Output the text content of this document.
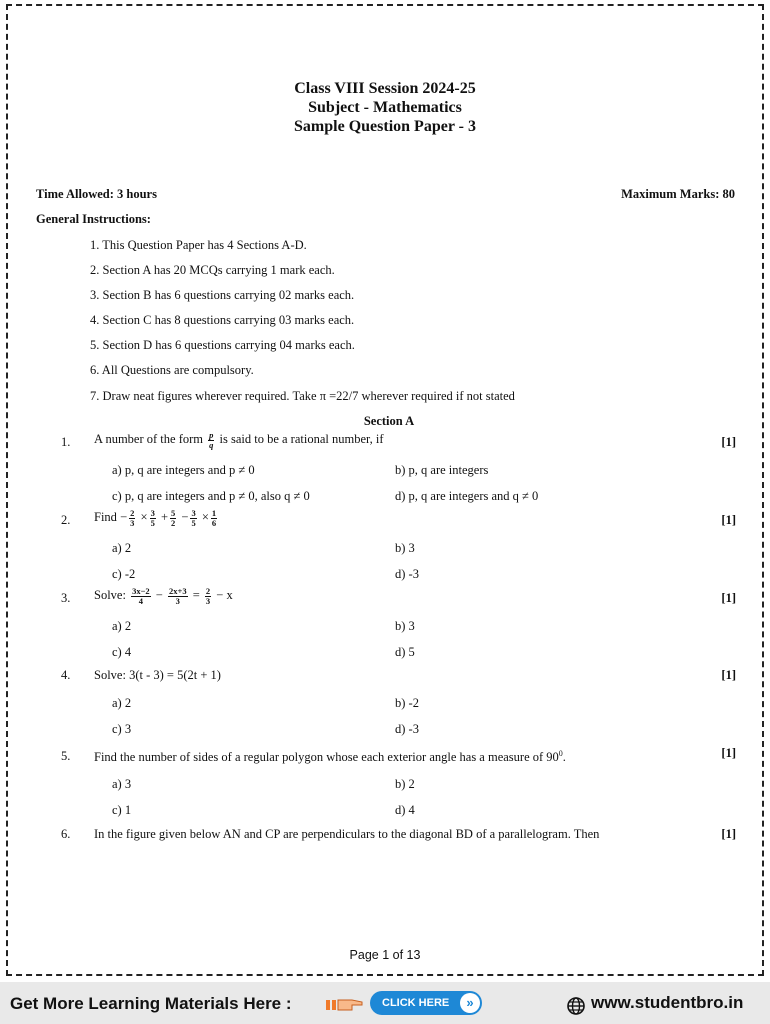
Class VIII Session 2024-25
Subject - Mathematics
Sample Question Paper - 3
Time Allowed: 3 hours	Maximum Marks: 80
General Instructions:
1. This Question Paper has 4 Sections A-D.
2. Section A has 20 MCQs carrying 1 mark each.
3. Section B has 6 questions carrying 02 marks each.
4. Section C has 8 questions carrying 03 marks each.
5. Section D has 6 questions carrying 04 marks each.
6. All Questions are compulsory.
7. Draw neat figures wherever required. Take π =22/7 wherever required if not stated
Section A
1. A number of the form $\frac{p}{q}$ is said to be a rational number, if	[1]
a) p, q are integers and p ≠ 0	b) p, q are integers
c) p, q are integers and p ≠ 0, also q ≠ 0	d) p, q are integers and q ≠ 0
2. Find − $\frac{2}{3} \times \frac{3}{5} + \frac{5}{2} - \frac{3}{5} \times \frac{1}{6}$	[1]
a) 2	b) 3
c) -2	d) -3
3. Solve: $\frac{3x-2}{4} - \frac{2x+3}{3} = \frac{2}{3} - x$	[1]
a) 2	b) 3
c) 4	d) 5
4. Solve: 3(t - 3) = 5(2t + 1)	[1]
a) 2	b) -2
c) 3	d) -3
5. Find the number of sides of a regular polygon whose each exterior angle has a measure of $90^0$.	[1]
a) 3	b) 2
c) 1	d) 4
6. In the figure given below AN and CP are perpendiculars to the diagonal BD of a parallelogram. Then	[1]
Page 1 of 13
Get More Learning Materials Here :	CLICK HERE	»	www.studentbro.in
